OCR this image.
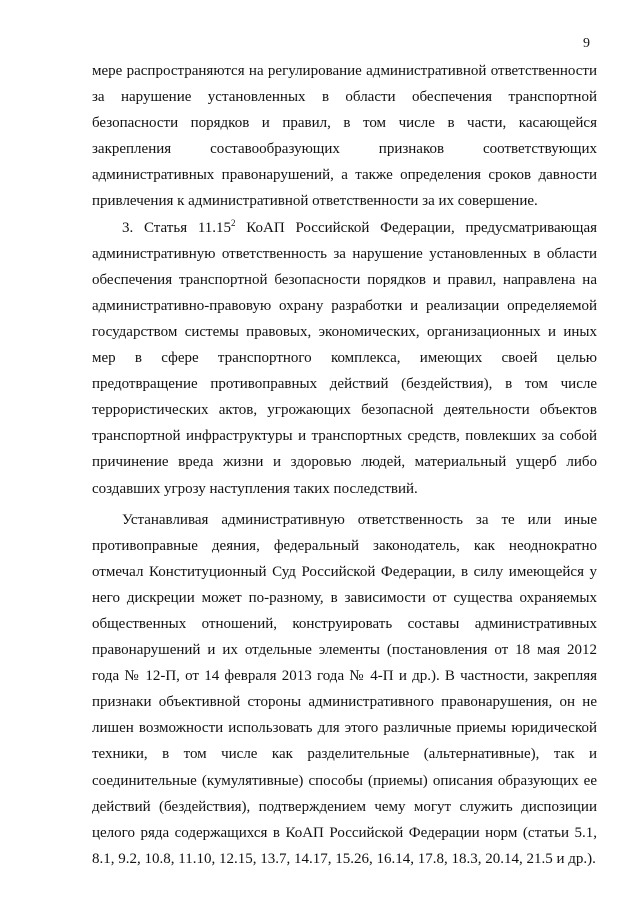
9

мере распространяются на регулирование административной ответственности за нарушение установленных в области обеспечения транспортной безопасности порядков и правил, в том числе в части, касающейся закрепления составообразующих признаков соответствующих административных правонарушений, а также определения сроков давности привлечения к административной ответственности за их совершение.

3. Статья 11.15$^2$ КоАП Российской Федерации, предусматривающая административную ответственность за нарушение установленных в области обеспечения транспортной безопасности порядков и правил, направлена на административно-правовую охрану разработки и реализации определяемой государством системы правовых, экономических, организационных и иных мер в сфере транспортного комплекса, имеющих своей целью предотвращение противоправных действий (бездействия), в том числе террористических актов, угрожающих безопасной деятельности объектов транспортной инфраструктуры и транспортных средств, повлекших за собой причинение вреда жизни и здоровью людей, материальный ущерб либо создавших угрозу наступления таких последствий.

Устанавливая административную ответственность за те или иные противоправные деяния, федеральный законодатель, как неоднократно отмечал Конституционный Суд Российской Федерации, в силу имеющейся у него дискреции может по-разному, в зависимости от существа охраняемых общественных отношений, конструировать составы административных правонарушений и их отдельные элементы (постановления от 18 мая 2012 года № 12-П, от 14 февраля 2013 года № 4-П и др.). В частности, закрепляя признаки объективной стороны административного правонарушения, он не лишен возможности использовать для этого различные приемы юридической техники, в том числе как разделительные (альтернативные), так и соединительные (кумулятивные) способы (приемы) описания образующих ее действий (бездействия), подтверждением чему могут служить диспозиции целого ряда содержащихся в КоАП Российской Федерации норм (статьи 5.1, 8.1, 9.2, 10.8, 11.10, 12.15, 13.7, 14.17, 15.26, 16.14, 17.8, 18.3, 20.14, 21.5 и др.).
